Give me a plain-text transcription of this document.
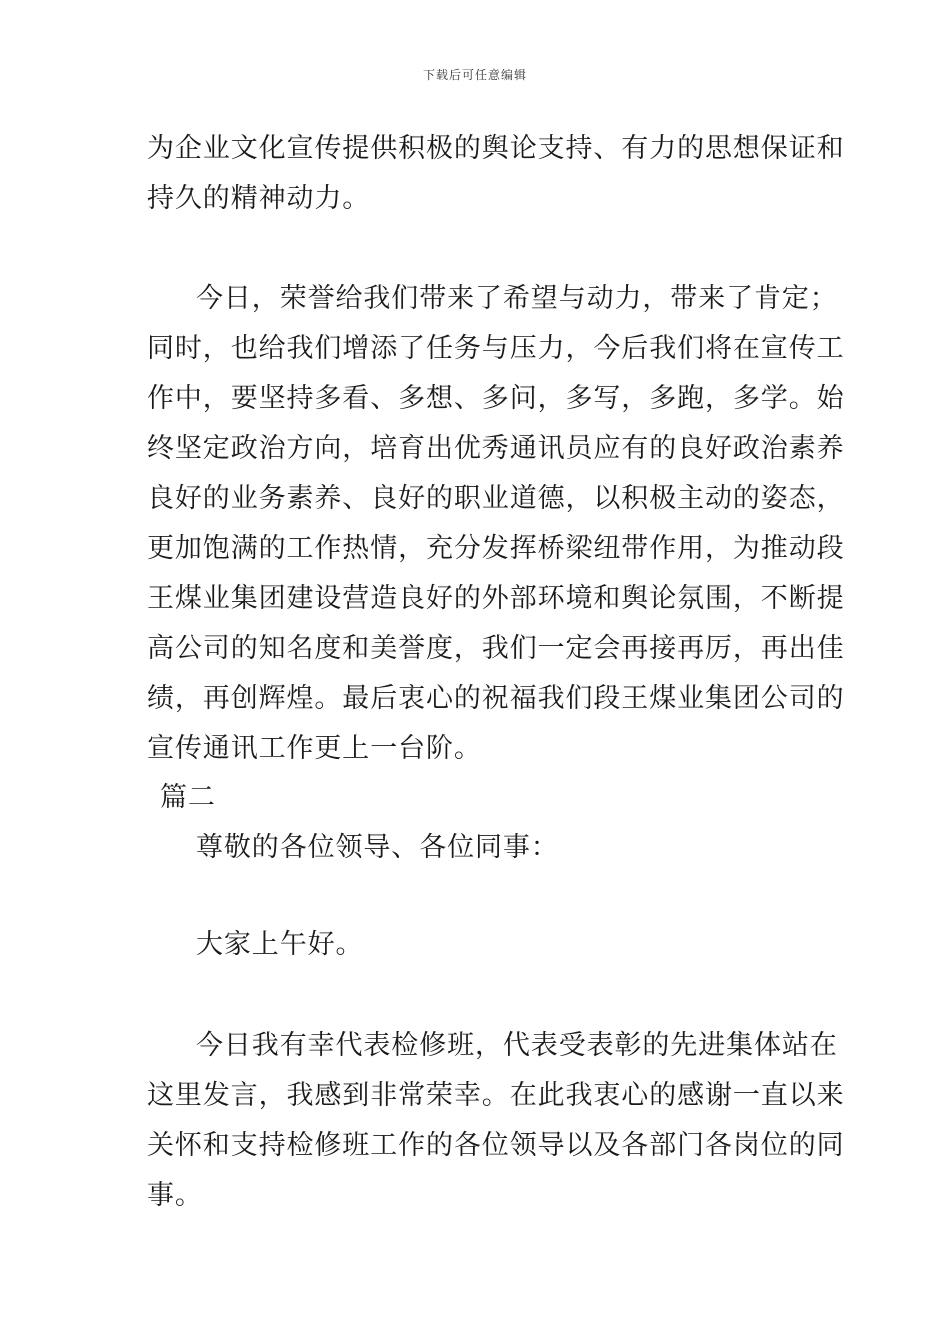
下载后可任意编辑
为企业文化宣传提供积极的舆论支持、有力的思想保证和
持久的精神动力。
今日，荣誉给我们带来了希望与动力，带来了肯定；
同时，也给我们增添了任务与压力，今后我们将在宣传工
作中，要坚持多看、多想、多问，多写，多跑，多学。始
终坚定政治方向，培育出优秀通讯员应有的良好政治素养
良好的业务素养、良好的职业道德，以积极主动的姿态，
更加饱满的工作热情，充分发挥桥梁纽带作用，为推动段
王煤业集团建设营造良好的外部环境和舆论氛围，不断提
高公司的知名度和美誉度，我们一定会再接再厉，再出佳
绩，再创辉煌。最后衷心的祝福我们段王煤业集团公司的
宣传通讯工作更上一台阶。
篇二
尊敬的各位领导、各位同事：
大家上午好。
今日我有幸代表检修班，代表受表彰的先进集体站在
这里发言，我感到非常荣幸。在此我衷心的感谢一直以来
关怀和支持检修班工作的各位领导以及各部门各岗位的同
事。
